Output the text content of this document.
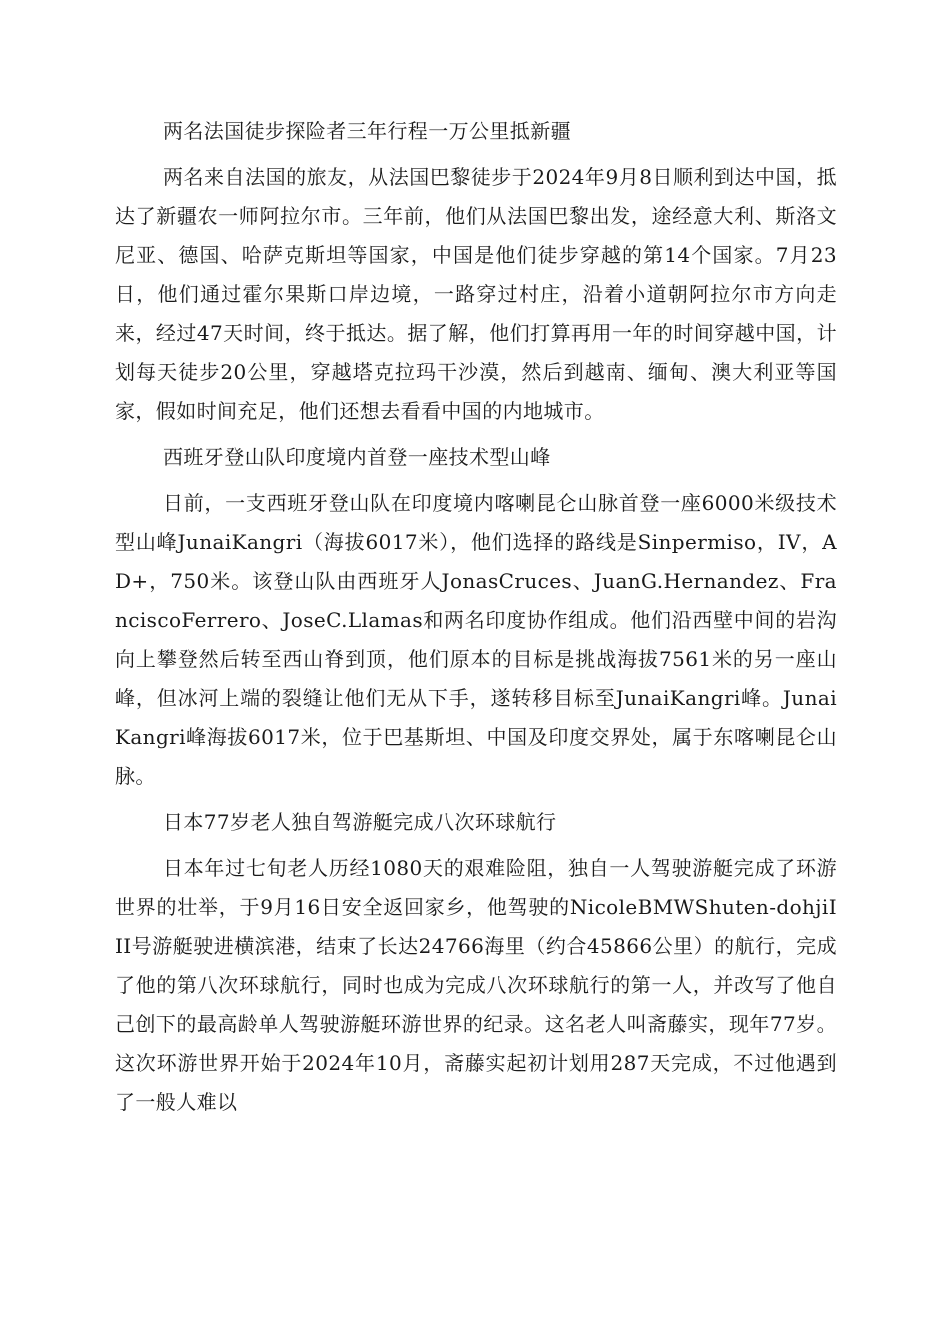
两名法国徒步探险者三年行程一万公里抵新疆

两名来自法国的旅友，从法国巴黎徒步于2024年9月8日顺利到达中国，抵达了新疆农一师阿拉尔市。三年前，他们从法国巴黎出发，途经意大利、斯洛文尼亚、德国、哈萨克斯坦等国家，中国是他们徒步穿越的第14个国家。7月23日，他们通过霍尔果斯口岸边境，一路穿过村庄，沿着小道朝阿拉尔市方向走来，经过47天时间，终于抵达。据了解，他们打算再用一年的时间穿越中国，计划每天徒步20公里，穿越塔克拉玛干沙漠，然后到越南、缅甸、澳大利亚等国家，假如时间充足，他们还想去看看中国的内地城市。

西班牙登山队印度境内首登一座技术型山峰

日前，一支西班牙登山队在印度境内喀喇昆仑山脉首登一座6000米级技术型山峰JunaiKangri（海拔6017米），他们选择的路线是Sinpermiso，IV，AD+，750米。该登山队由西班牙人JonasCruces、JuanG.Hernandez、FranciscoFerrero、JoseC.Llamas和两名印度协作组成。他们沿西壁中间的岩沟向上攀登然后转至西山脊到顶，他们原本的目标是挑战海拔7561米的另一座山峰，但冰河上端的裂缝让他们无从下手，遂转移目标至JunaiKangri峰。JunaiKangri峰海拔6017米，位于巴基斯坦、中国及印度交界处，属于东喀喇昆仑山脉。

日本77岁老人独自驾游艇完成八次环球航行

日本年过七旬老人历经1080天的艰难险阻，独自一人驾驶游艇完成了环游世界的壮举，于9月16日安全返回家乡，他驾驶的NicoleBMWShuten-dohjiIII号游艇驶进横滨港，结束了长达24766海里（约合45866公里）的航行，完成了他的第八次环球航行，同时也成为完成八次环球航行的第一人，并改写了他自己创下的最高龄单人驾驶游艇环游世界的纪录。这名老人叫斋藤实，现年77岁。这次环游世界开始于2024年10月，斋藤实起初计划用287天完成，不过他遇到了一般人难以
